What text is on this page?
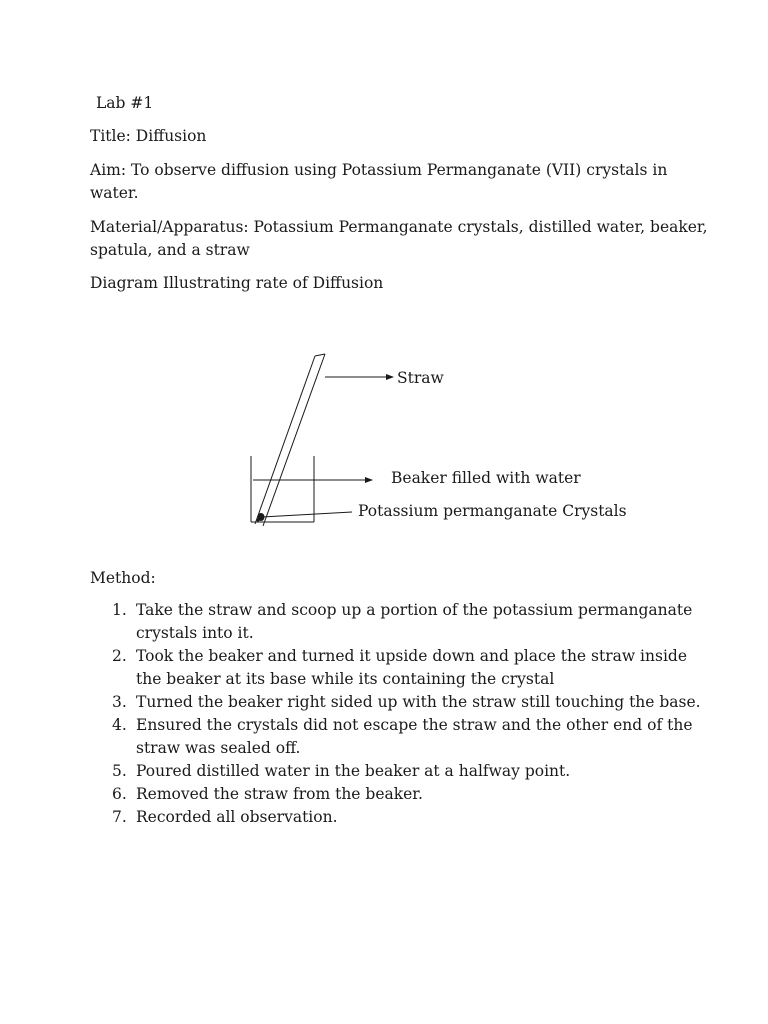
Lab #1
Title: Diffusion
Aim: To observe diffusion using Potassium Permanganate (VII) crystals in
water.
Material/Apparatus: Potassium Permanganate crystals, distilled water, beaker,
spatula, and a straw
Diagram Illustrating rate of Diffusion
Straw
Beaker filled with water
Potassium permanganate Crystals
Method:
1. Take the straw and scoop up a portion of the potassium permanganate
crystals into it.
2. Took the beaker and turned it upside down and place the straw inside
the beaker at its base while its containing the crystal
3. Turned the beaker right sided up with the straw still touching the base.
4. Ensured the crystals did not escape the straw and the other end of the
straw was sealed off.
5. Poured distilled water in the beaker at a halfway point.
6. Removed the straw from the beaker.
7. Recorded all observation.
